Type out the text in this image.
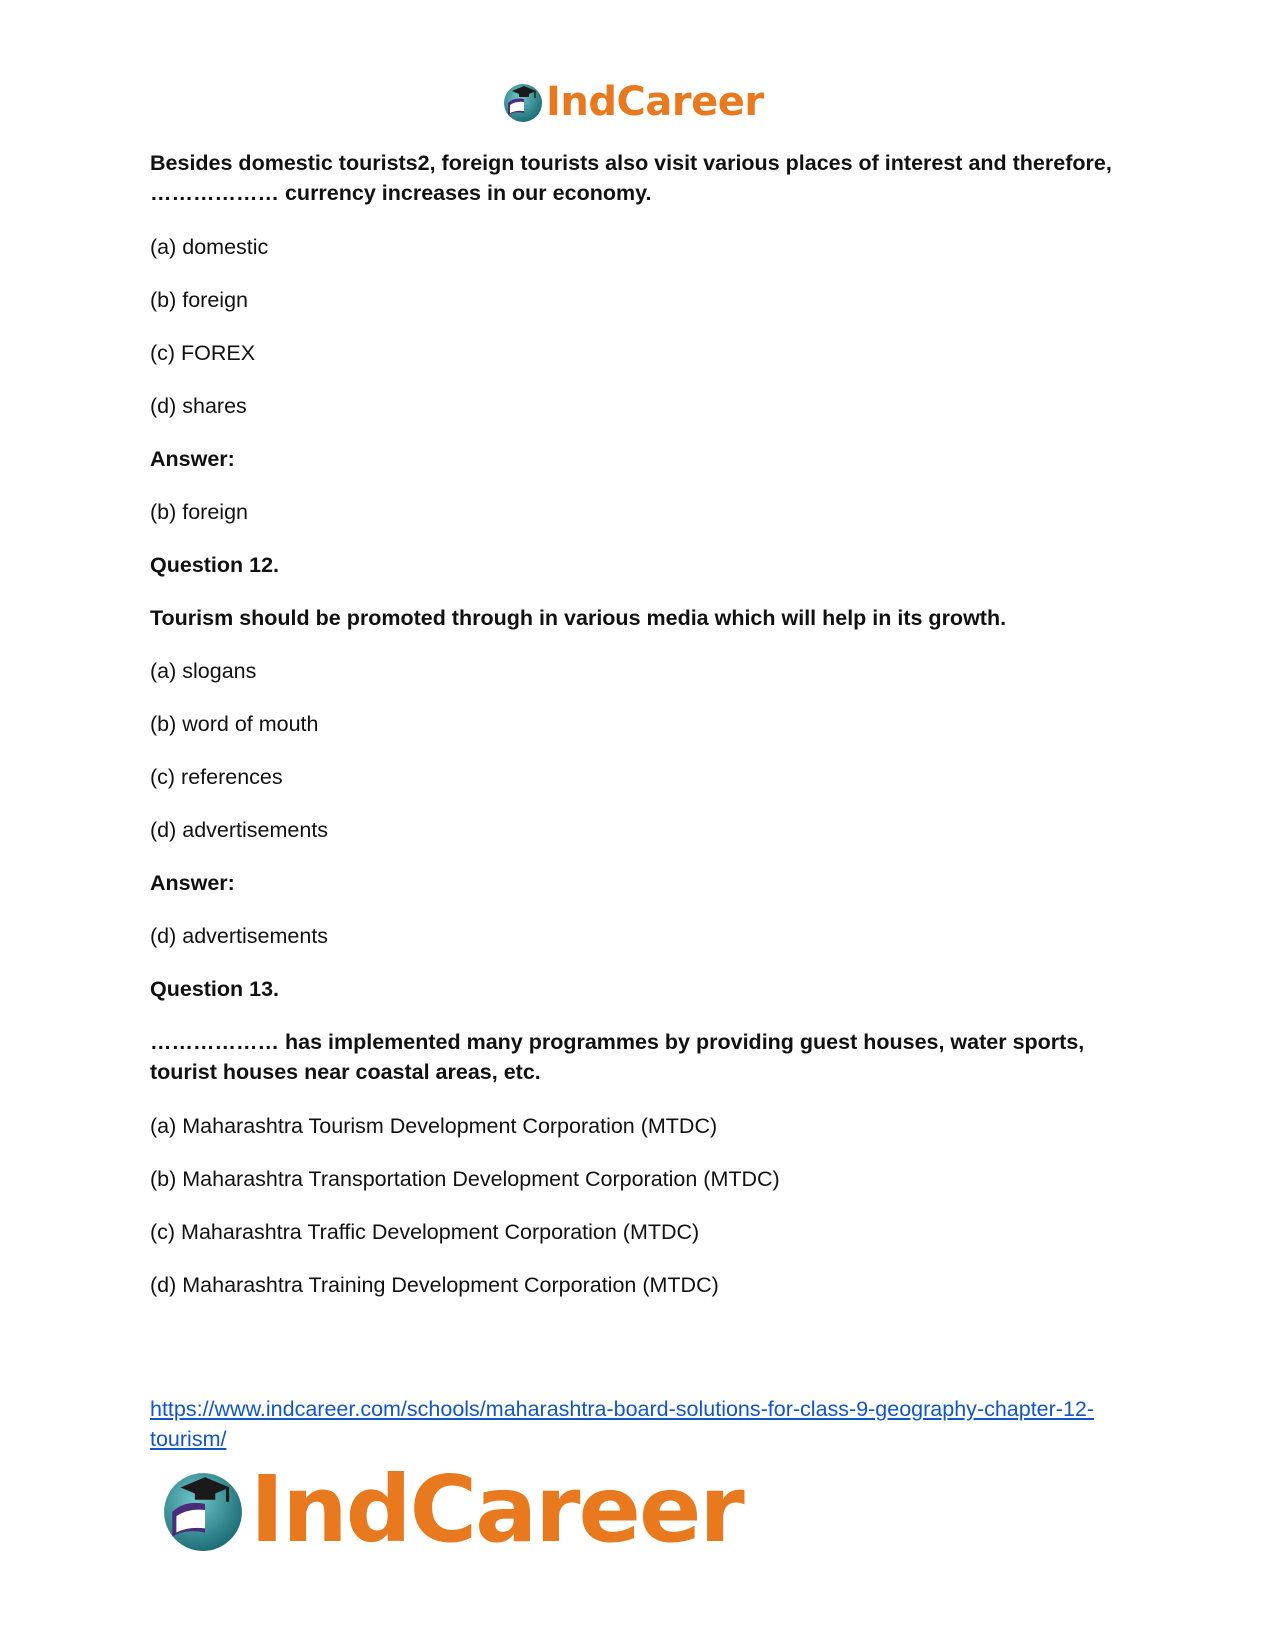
IndCareer

Besides domestic tourists2, foreign tourists also visit various places of interest and therefore, ……………… currency increases in our economy.

(a) domestic

(b) foreign

(c) FOREX

(d) shares

Answer:

(b) foreign

Question 12.

Tourism should be promoted through in various media which will help in its growth.

(a) slogans

(b) word of mouth

(c) references

(d) advertisements

Answer:

(d) advertisements

Question 13.

……………… has implemented many programmes by providing guest houses, water sports, tourist houses near coastal areas, etc.

(a) Maharashtra Tourism Development Corporation (MTDC)

(b) Maharashtra Transportation Development Corporation (MTDC)

(c) Maharashtra Traffic Development Corporation (MTDC)

(d) Maharashtra Training Development Corporation (MTDC)

https://www.indcareer.com/schools/maharashtra-board-solutions-for-class-9-geography-chapter-12-tourism/
IndCareer
